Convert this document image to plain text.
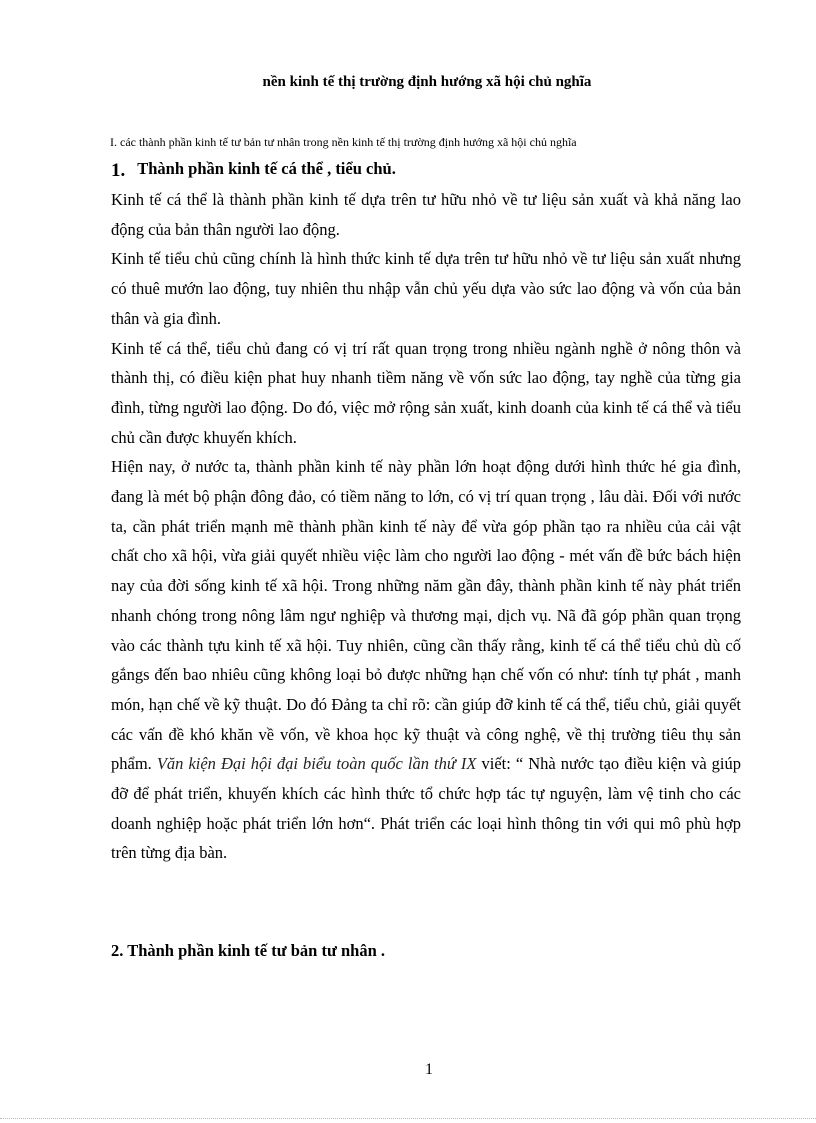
nền kinh tế thị trường định hướng xã hội chủ nghĩa
I. các thành phần kinh tế tư bản tư nhân trong nền kinh tế thị trường định hướng xã hội chủ nghĩa
1. Thành phần kinh tế cá thể , tiểu chủ.

Kinh tế cá thể là thành phần kinh tế dựa trên tư hữu nhỏ về tư liệu sản xuất và khả năng lao động của bản thân người lao động.

Kinh tế tiểu chủ cũng chính là hình thức kinh tế dựa trên tư hữu nhỏ về tư liệu sản xuất nhưng có thuê mướn lao động, tuy nhiên thu nhập vẫn chủ yếu dựa vào sức lao động và vốn của bản thân và gia đình.

Kinh tế cá thể, tiểu chủ đang có vị trí rất quan trọng trong nhiều ngành nghề ở nông thôn và thành thị, có điều kiện phat huy nhanh tiềm năng về vốn sức lao động, tay nghề của từng gia đình, từng người lao động. Do đó, việc mở rộng sản xuất, kinh doanh của kinh tế cá thể và tiểu chủ cần được khuyến khích.

Hiện nay, ở nước ta, thành phần kinh tế này phần lớn hoạt động dưới hình thức hé gia đình, đang là mét bộ phận đông đảo, có tiềm năng to lớn, có vị trí quan trọng , lâu dài. Đối với nước ta, cần phát triển mạnh mẽ thành phần kinh tế này để vừa góp phần tạo ra nhiều của cải vật chất cho xã hội, vừa giải quyết nhiều việc làm cho người lao động - mét vấn đề bức bách hiện nay của đời sống kinh tế xã hội. Trong những năm gần đây, thành phần kinh tế này phát triển nhanh chóng trong nông lâm ngư nghiệp và thương mại, dịch vụ. Nã đã góp phần quan trọng vào các thành tựu kinh tế xã hội. Tuy nhiên, cũng cần thấy rằng, kinh tế cá thể tiểu chủ dù cố gắngs đến bao nhiêu cũng không loại bỏ được những hạn chế vốn có như: tính tự phát , manh món, hạn chế về kỹ thuật. Do đó Đảng ta chỉ rõ: cần giúp đỡ kinh tế cá thể, tiểu chủ, giải quyết các vấn đề khó khăn về vốn, về khoa học kỹ thuật và công nghệ, về thị trường tiêu thụ sản phẩm. Văn kiện Đại hội đại biểu toàn quốc lần thứ IX viết: “ Nhà nước tạo điều kiện và giúp đỡ để phát triển, khuyến khích các hình thức tổ chức hợp tác tự nguyện, làm vệ tinh cho các doanh nghiệp hoặc phát triển lớn hơn“. Phát triển các loại hình thông tin với qui mô phù hợp trên từng địa bàn.

2. Thành phần kinh tế tư bản tư nhân .
1
